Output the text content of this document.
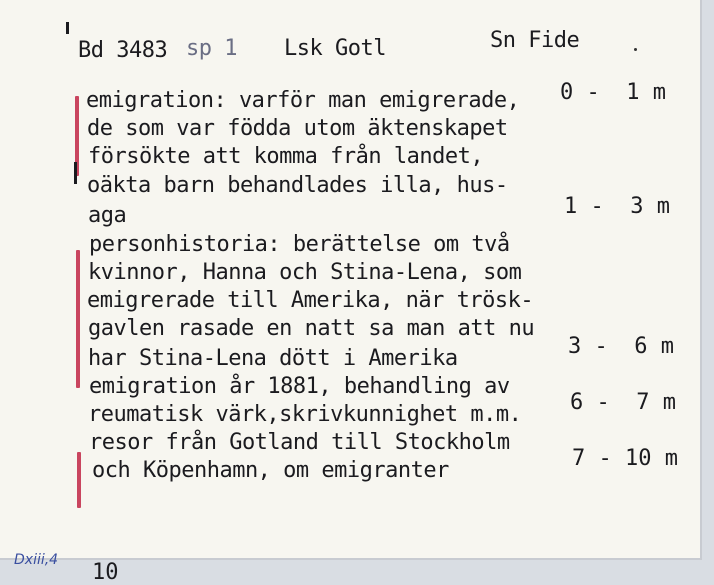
Bd 3483 sp 1 Lsk Gotl	Sn Fide
emigration: varför man emigrerade,
de som var födda utom äktenskapet
försökte att komma från landet,
oäkta barn behandlades illa, hus-
aga
personhistoria: berättelse om två
kvinnor, Hanna och Stina-Lena, som
emigrerade till Amerika, när trösk-
gavlen rasade en natt sa man att nu
har Stina-Lena dött i Amerika
emigration år 1881, behandling av
reumatisk värk,skrivkunnighet m.m.
resor från Gotland till Stockholm
och Köpenhamn, om emigranter
0 -  1 m
1 -  3 m
3 -  6 m
6 -  7 m
7 - 10 m
Dxiii,4 10
